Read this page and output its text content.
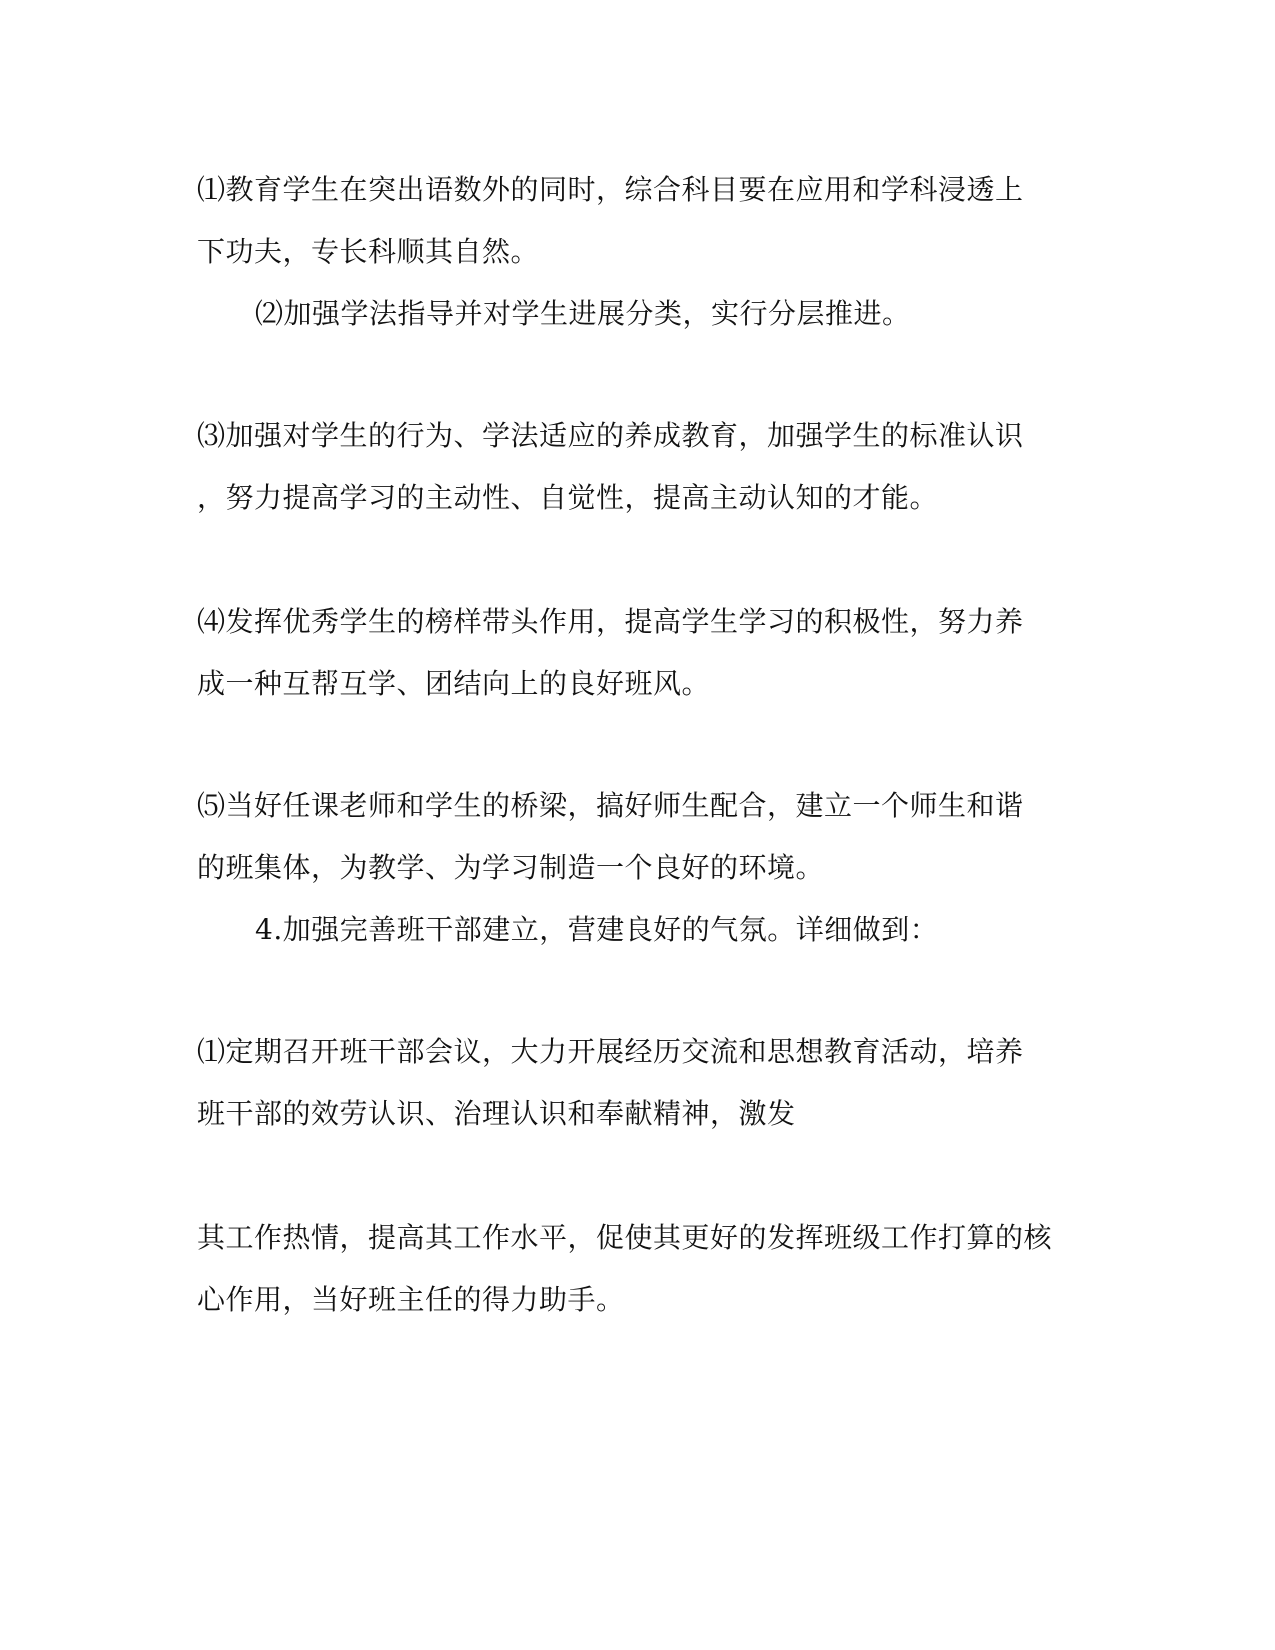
⑴教育学生在突出语数外的同时，综合科目要在应用和学科浸透上
下功夫，专长科顺其自然。
⑵加强学法指导并对学生进展分类，实行分层推进。
⑶加强对学生的行为、学法适应的养成教育，加强学生的标准认识
，努力提高学习的主动性、自觉性，提高主动认知的才能。
⑷发挥优秀学生的榜样带头作用，提高学生学习的积极性，努力养
成一种互帮互学、团结向上的良好班风。
⑸当好任课老师和学生的桥梁，搞好师生配合，建立一个师生和谐
的班集体，为教学、为学习制造一个良好的环境。
4.加强完善班干部建立，营建良好的气氛。详细做到：
⑴定期召开班干部会议，大力开展经历交流和思想教育活动，培养
班干部的效劳认识、治理认识和奉献精神，激发
其工作热情，提高其工作水平，促使其更好的发挥班级工作打算的核
心作用，当好班主任的得力助手。
